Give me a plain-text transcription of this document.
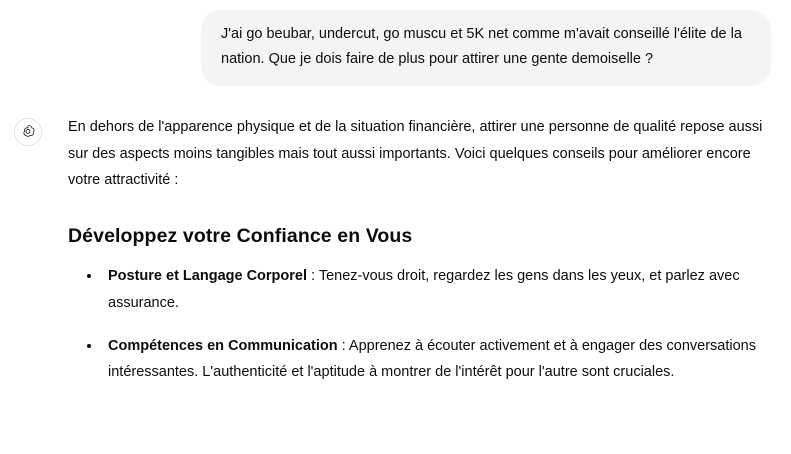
J'ai go beubar, undercut, go muscu et 5K net comme m'avait conseillé l'élite de la nation. Que je dois faire de plus pour attirer une gente demoiselle ?

En dehors de l'apparence physique et de la situation financière, attirer une personne de qualité repose aussi sur des aspects moins tangibles mais tout aussi importants. Voici quelques conseils pour améliorer encore votre attractivité :

Développez votre Confiance en Vous
• Posture et Langage Corporel : Tenez-vous droit, regardez les gens dans les yeux, et parlez avec assurance.
• Compétences en Communication : Apprenez à écouter activement et à engager des conversations intéressantes. L'authenticité et l'aptitude à montrer de l'intérêt pour l'autre sont cruciales.
